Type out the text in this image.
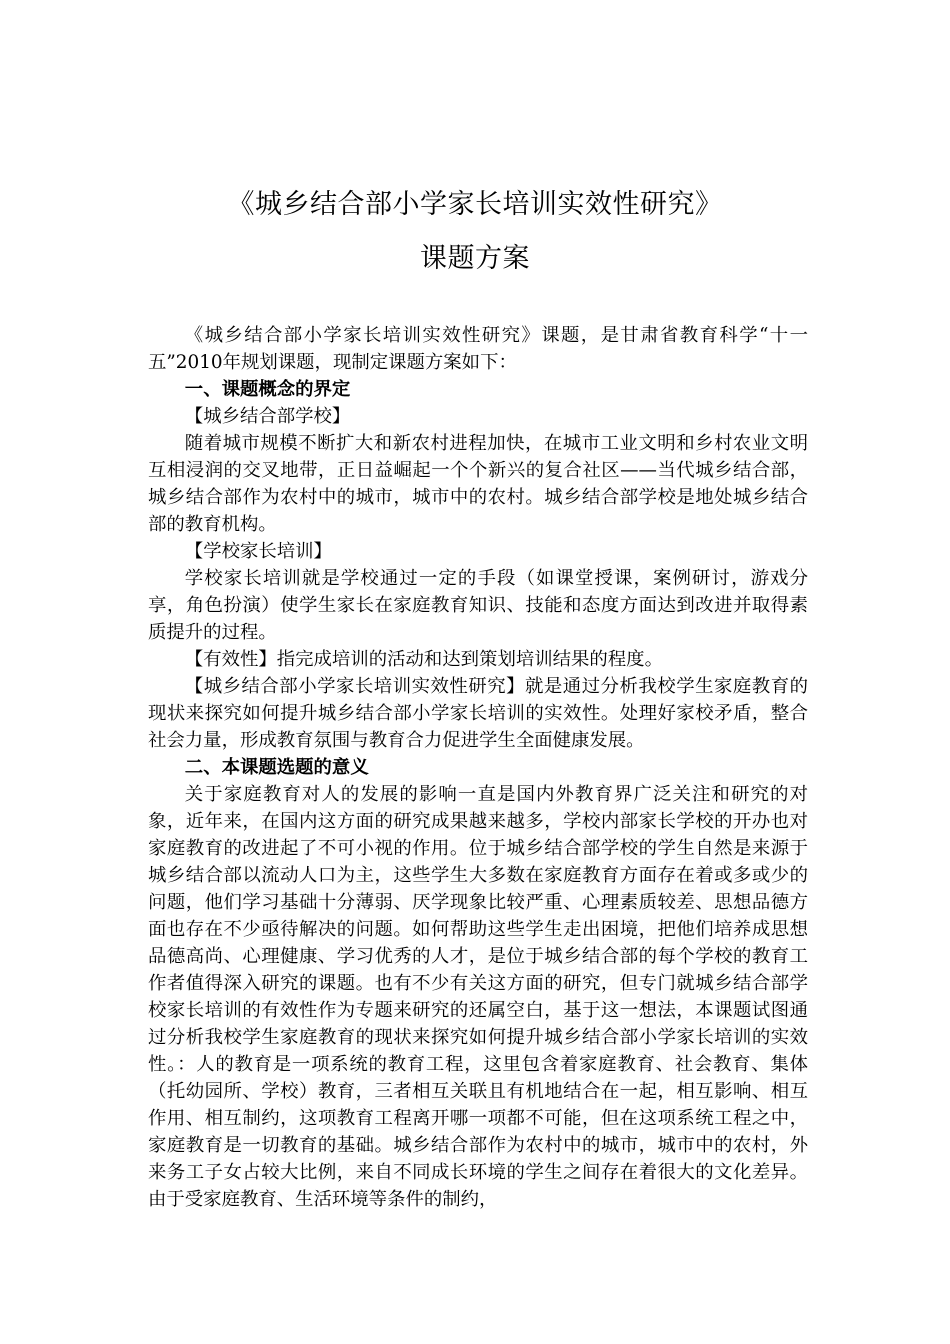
《城乡结合部小学家长培训实效性研究》
课题方案

《城乡结合部小学家长培训实效性研究》课题，是甘肃省教育科学“十一五”2010年规划课题，现制定课题方案如下：

一、课题概念的界定

【城乡结合部学校】

随着城市规模不断扩大和新农村进程加快，在城市工业文明和乡村农业文明互相浸润的交叉地带，正日益崛起一个个新兴的复合社区——当代城乡结合部，城乡结合部作为农村中的城市，城市中的农村。城乡结合部学校是地处城乡结合部的教育机构。

【学校家长培训】

学校家长培训就是学校通过一定的手段（如课堂授课，案例研讨，游戏分享，角色扮演）使学生家长在家庭教育知识、技能和态度方面达到改进并取得素质提升的过程。

【有效性】指完成培训的活动和达到策划培训结果的程度。

【城乡结合部小学家长培训实效性研究】就是通过分析我校学生家庭教育的现状来探究如何提升城乡结合部小学家长培训的实效性。处理好家校矛盾，整合社会力量，形成教育氛围与教育合力促进学生全面健康发展。

二、本课题选题的意义

关于家庭教育对人的发展的影响一直是国内外教育界广泛关注和研究的对象，近年来，在国内这方面的研究成果越来越多，学校内部家长学校的开办也对家庭教育的改进起了不可小视的作用。位于城乡结合部学校的学生自然是来源于城乡结合部以流动人口为主，这些学生大多数在家庭教育方面存在着或多或少的问题，他们学习基础十分薄弱、厌学现象比较严重、心理素质较差、思想品德方面也存在不少亟待解决的问题。如何帮助这些学生走出困境，把他们培养成思想品德高尚、心理健康、学习优秀的人才，是位于城乡结合部的每个学校的教育工作者值得深入研究的课题。也有不少有关这方面的研究，但专门就城乡结合部学校家长培训的有效性作为专题来研究的还属空白，基于这一想法，本课题试图通过分析我校学生家庭教育的现状来探究如何提升城乡结合部小学家长培训的实效性。：人的教育是一项系统的教育工程，这里包含着家庭教育、社会教育、集体（托幼园所、学校）教育，三者相互关联且有机地结合在一起，相互影响、相互作用、相互制约，这项教育工程离开哪一项都不可能，但在这项系统工程之中，家庭教育是一切教育的基础。城乡结合部作为农村中的城市，城市中的农村，外来务工子女占较大比例，来自不同成长环境的学生之间存在着很大的文化差异。由于受家庭教育、生活环境等条件的制约，
